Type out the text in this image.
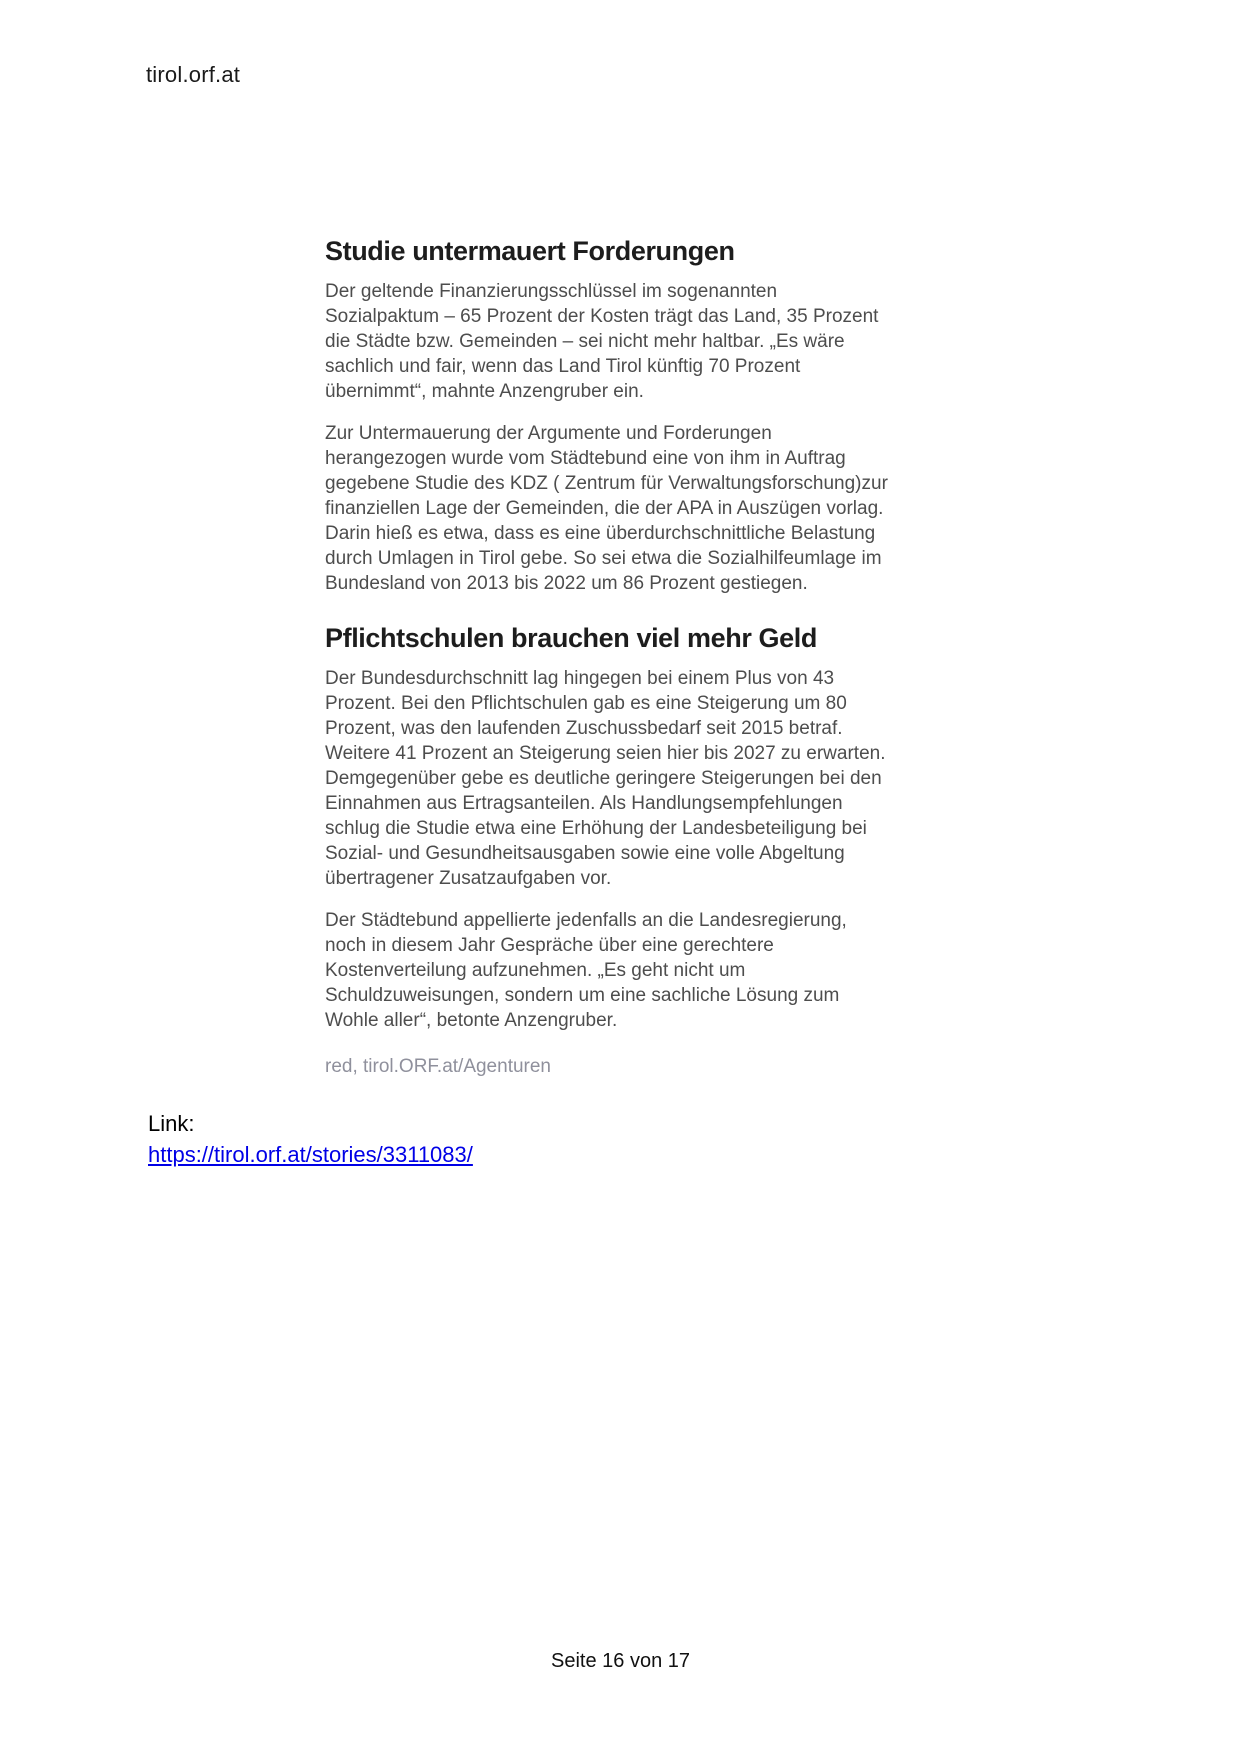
tirol.orf.at
Studie untermauert Forderungen

Der geltende Finanzierungsschlüssel im sogenannten Sozialpaktum – 65 Prozent der Kosten trägt das Land, 35 Prozent die Städte bzw. Gemeinden – sei nicht mehr haltbar. „Es wäre sachlich und fair, wenn das Land Tirol künftig 70 Prozent übernimmt“, mahnte Anzengruber ein.

Zur Untermauerung der Argumente und Forderungen herangezogen wurde vom Städtebund eine von ihm in Auftrag gegebene Studie des KDZ ( Zentrum für Verwaltungsforschung)zur finanziellen Lage der Gemeinden, die der APA in Auszügen vorlag. Darin hieß es etwa, dass es eine überdurchschnittliche Belastung durch Umlagen in Tirol gebe. So sei etwa die Sozialhilfeumlage im Bundesland von 2013 bis 2022 um 86 Prozent gestiegen.

Pflichtschulen brauchen viel mehr Geld

Der Bundesdurchschnitt lag hingegen bei einem Plus von 43 Prozent. Bei den Pflichtschulen gab es eine Steigerung um 80 Prozent, was den laufenden Zuschussbedarf seit 2015 betraf. Weitere 41 Prozent an Steigerung seien hier bis 2027 zu erwarten. Demgegenüber gebe es deutliche geringere Steigerungen bei den Einnahmen aus Ertragsanteilen. Als Handlungsempfehlungen schlug die Studie etwa eine Erhöhung der Landesbeteiligung bei Sozial- und Gesundheitsausgaben sowie eine volle Abgeltung übertragener Zusatzaufgaben vor.

Der Städtebund appellierte jedenfalls an die Landesregierung, noch in diesem Jahr Gespräche über eine gerechtere Kostenverteilung aufzunehmen. „Es geht nicht um Schuldzuweisungen, sondern um eine sachliche Lösung zum Wohle aller“, betonte Anzengruber.

red, tirol.ORF.at/Agenturen
Link:
https://tirol.orf.at/stories/3311083/
Seite 16 von 17
